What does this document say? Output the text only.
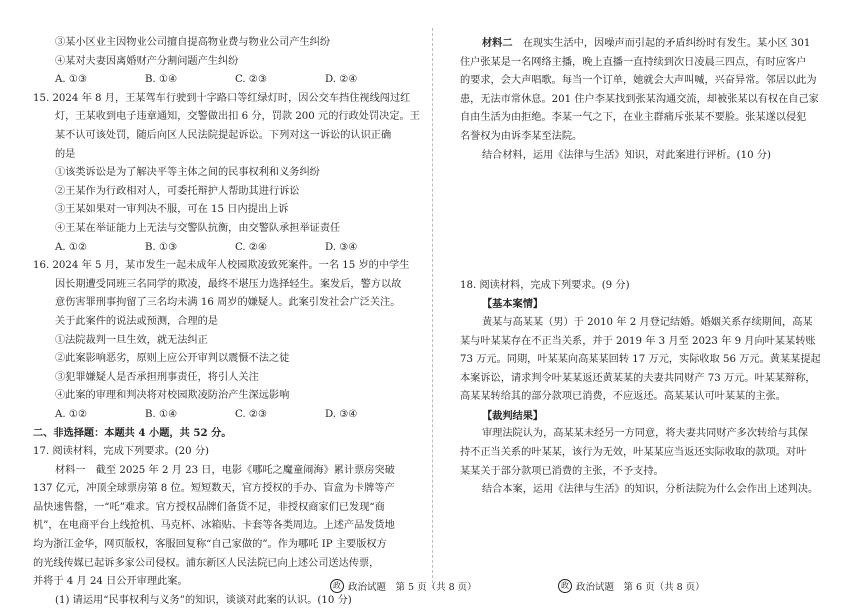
③某小区业主因物业公司擅自提高物业费与物业公司产生纠纷
④某对夫妻因离婚财产分割问题产生纠纷
A. ①③	B. ①④	C. ②③	D. ②④
15. 2024 年 8 月，王某驾车行驶到十字路口等红绿灯时，因公交车挡住视线闯过红
灯，王某收到电子违章通知，交警做出扣 6 分，罚款 200 元的行政处罚决定。王
某不认可该处罚，随后向区人民法院提起诉讼。下列对这一诉讼的认识正确
的是
①该类诉讼是为了解决平等主体之间的民事权利和义务纠纷
②王某作为行政相对人，可委托辩护人帮助其进行诉讼
③王某如果对一审判决不服，可在 15 日内提出上诉
④王某在举证能力上无法与交警队抗衡，由交警队承担举证责任
A. ①②	B. ①③	C. ②④	D. ③④
16. 2024 年 5 月，某市发生一起未成年人校园欺凌致死案件。一名 15 岁的中学生
因长期遭受同班三名同学的欺凌，最终不堪压力选择轻生。案发后，警方以故
意伤害罪刑事拘留了三名均未满 16 周岁的嫌疑人。此案引发社会广泛关注。
关于此案件的说法或预测，合理的是
①法院裁判一旦生效，就无法纠正
②此案影响恶劣，原则上应公开审判以震慑不法之徒
③犯罪嫌疑人是否承担刑事责任，将引人关注
④此案的审理和判决将对校园欺凌防治产生深远影响
A. ①②	B. ①④	C. ②③	D. ③④
二、非选择题：本题共 4 小题，共 52 分。
17. 阅读材料，完成下列要求。(20 分)
材料一　截至 2025 年 2 月 23 日，电影《哪吒之魔童闹海》累计票房突破
137 亿元，冲顶全球票房第 8 位。短短数天，官方授权的手办、盲盒为卡牌等产
品快速售罄，一“吒”难求。官方授权品牌们备货不足，非授权商家们已发现“商
机”，在电商平台上线抢机、马克杯、冰箱贴、卡套等各类周边。上述产品发货地
均为浙江金华，网页版权，客服回复称“自己家做的”。作为哪吒 IP 主要版权方
的光线传媒已起诉多家公司侵权。浦东新区人民法院已向上述公司送达传票，
并将于 4 月 24 日公开审理此案。
(1) 请运用“民事权利与义务”的知识，谈谈对此案的认识。(10 分)
政 政治试题　第 5 页（共 8 页）
材料二　 在现实生活中，因噪声而引起的矛盾纠纷时有发生。某小区 301
住户张某是一名网络主播，晚上直播一直持续到次日凌晨三四点，有时应客户
的要求，会大声唱歌。每当一个订单，她就会大声叫喊，兴奋异常。邻居以此为
患，无法市常休息。201 住户李某找到张某沟通交流，却被张某以有权在自己家
自由生活为由拒绝。李某一气之下，在业主群痛斥张某不要脸。张某遂以侵犯
名誉权为由诉李某至法院。
结合材料，运用《法律与生活》知识，对此案进行评析。(10 分)
18. 阅读材料，完成下列要求。(9 分)
【基本案情】
黄某与高某某（男）于 2010 年 2 月登记结婚。婚姻关系存续期间，高某
某与叶某某存在不正当关系，并于 2019 年 3 月至 2023 年 9 月向叶某某转账
73 万元。同期，叶某某向高某某回转 17 万元，实际收取 56 万元。黄某某提起
本案诉讼，请求判令叶某某返还黄某某的夫妻共同财产 73 万元。叶某某辩称，
高某某转给其的部分款项已消费，不应返还。高某某认可叶某某的主张。
【裁判结果】
审理法院认为，高某某未经另一方同意，将夫妻共同财产多次转给与其保
持不正当关系的叶某某，该行为无效，叶某某应当返还实际收取的款项。对叶
某某关于部分款项已消费的主张，不予支持。
结合本案，运用《法律与生活》的知识，分析法院为什么会作出上述判决。
政 政治试题　第 6 页（共 8 页）
